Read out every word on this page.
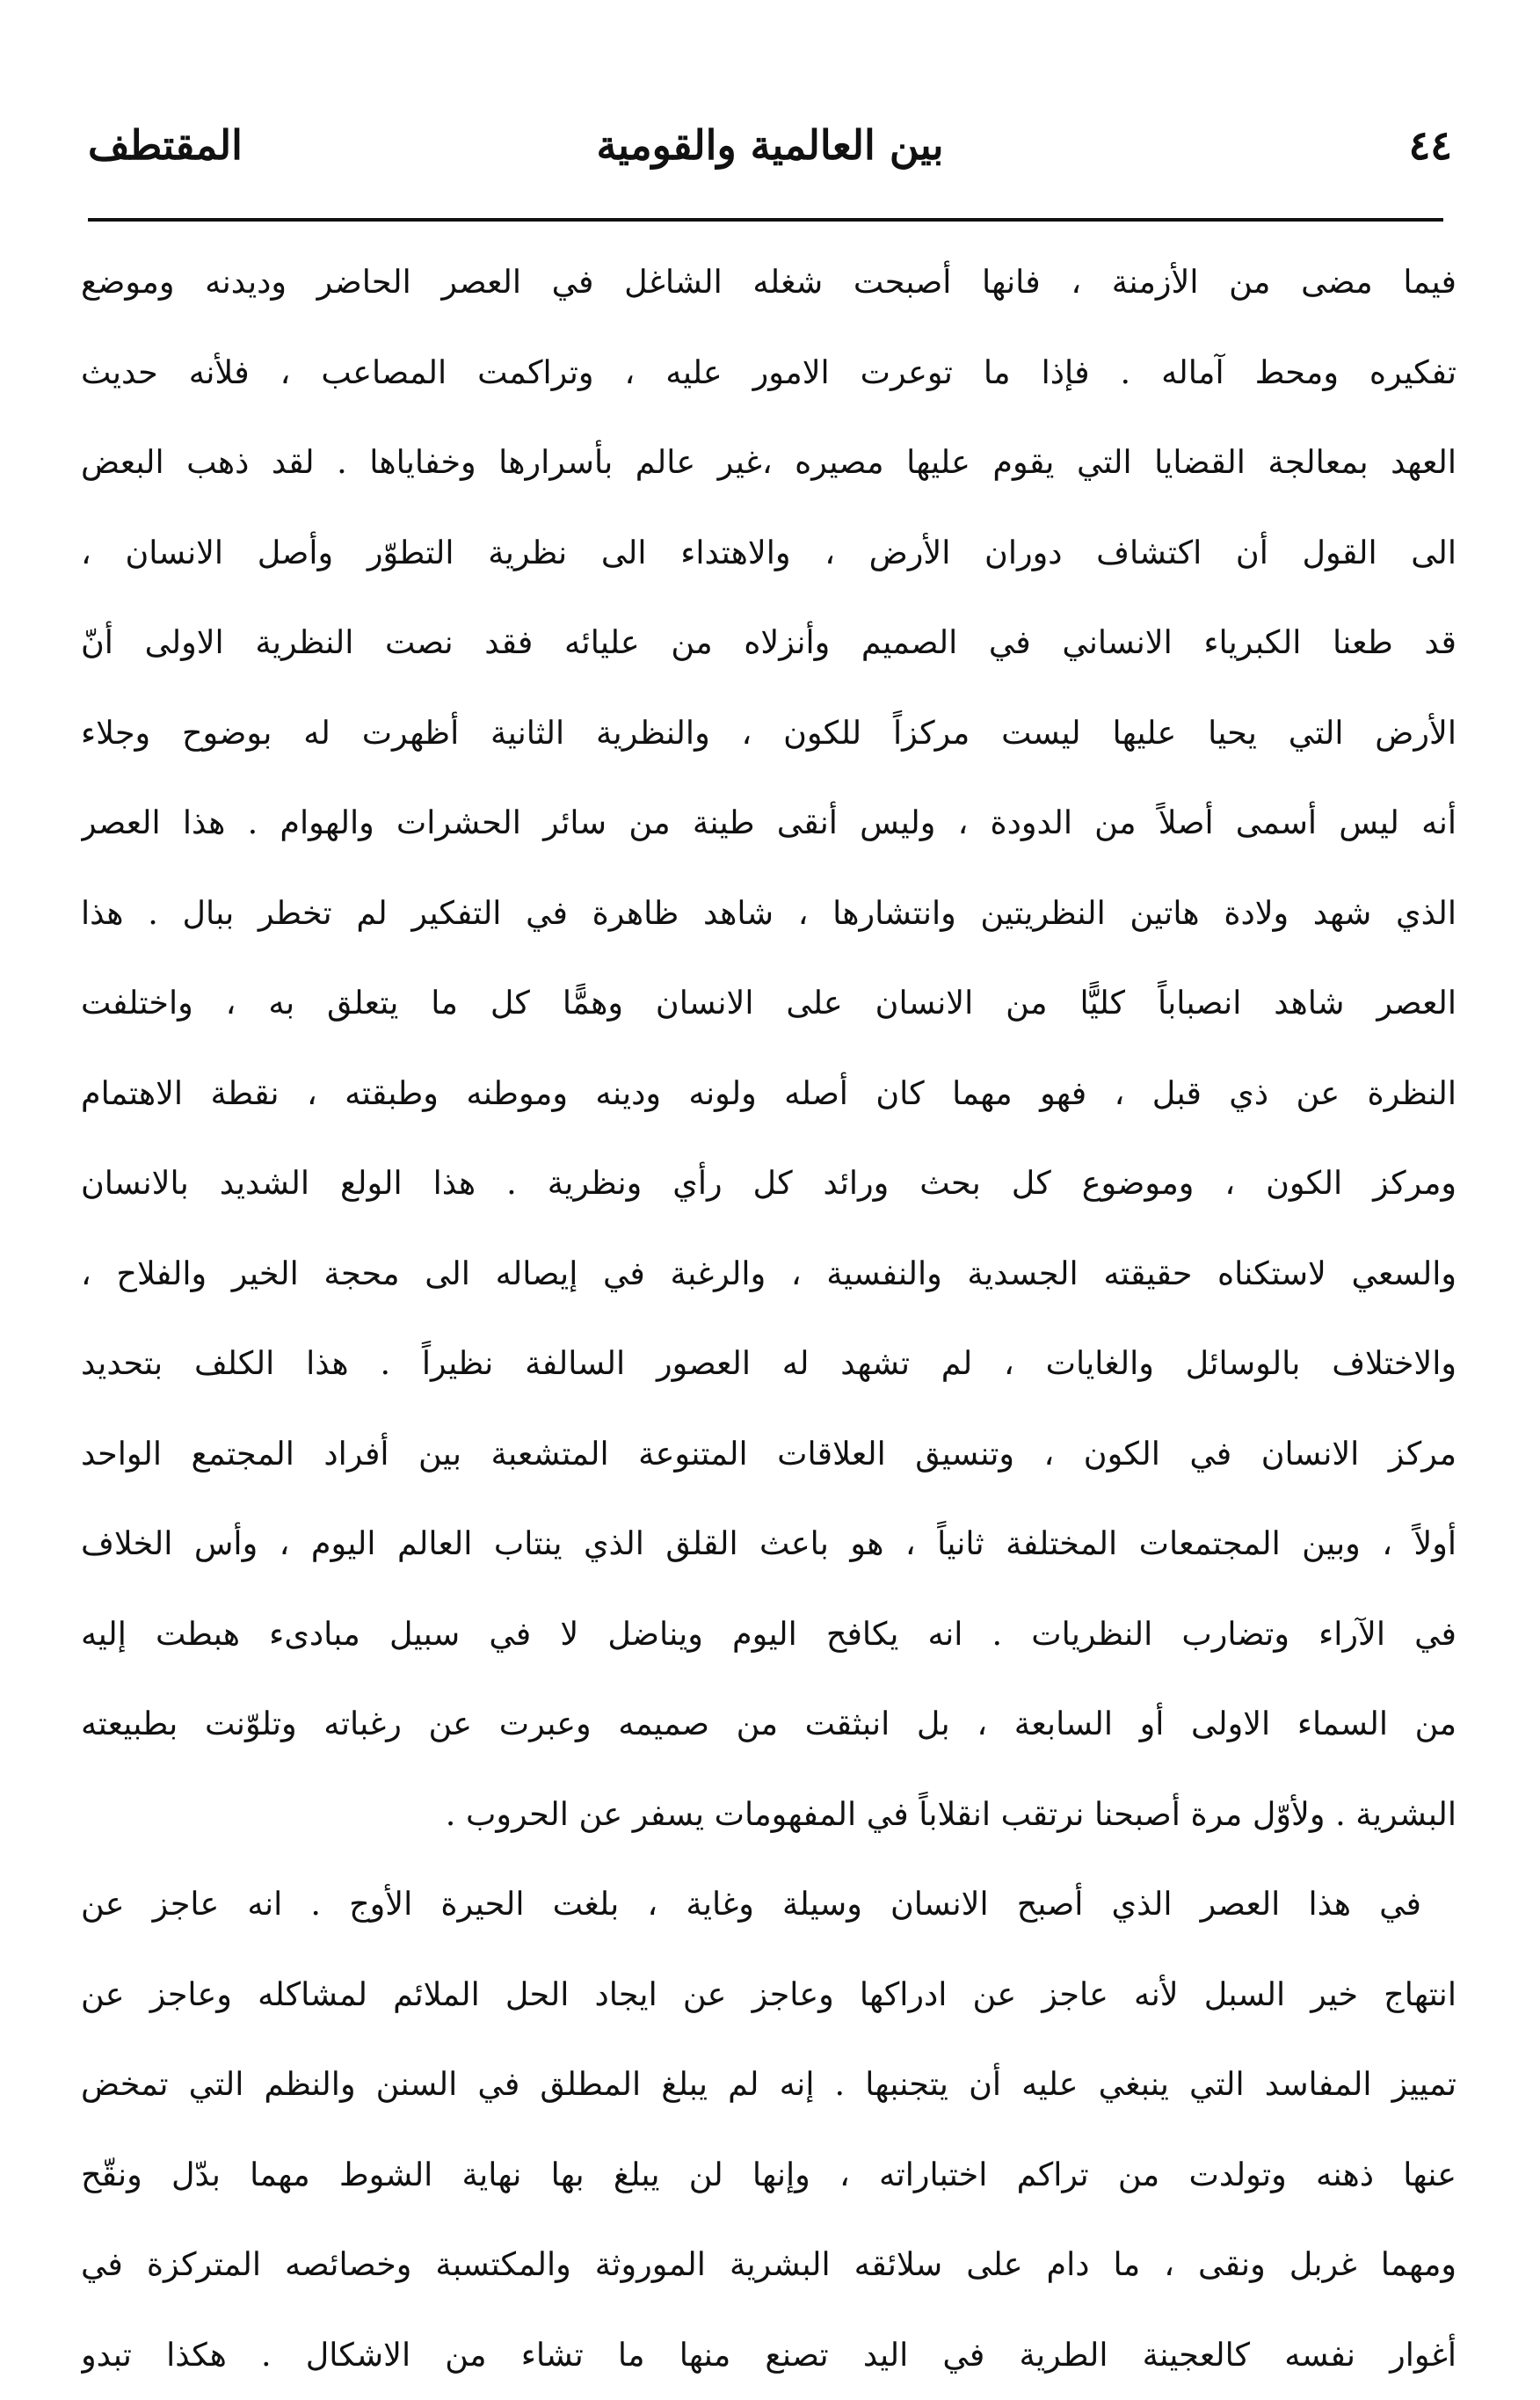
٤٤
بين العالمية والقومية
المقتطف
فيما مضى من الأزمنة ، فانها أصبحت شغله الشاغل في العصر الحاضر وديدنه وموضع
تفكيره ومحط آماله . فإذا ما توعرت الامور عليه ، وتراكمت المصاعب ، فلأنه حديث
العهد بمعالجة القضايا التي يقوم عليها مصيره ،غير عالم بأسرارها وخفاياها . لقد ذهب البعض
الى القول أن اكتشاف دوران الأرض ، والاهتداء الى نظرية التطوّر وأصل الانسان ،
قد طعنا الكبرياء الانساني في الصميم وأنزلاه من عليائه فقد نصت النظرية الاولى أنّ
الأرض التي يحيا عليها ليست مركزاً للكون ، والنظرية الثانية أظهرت له بوضوح وجلاء
أنه ليس أسمى أصلاً من الدودة ، وليس أنقى طينة من سائر الحشرات والهوام . هذا العصر
الذي شهد ولادة هاتين النظريتين وانتشارها ، شاهد ظاهرة في التفكير لم تخطر ببال . هذا
العصر شاهد انصباباً كليًّا من الانسان على الانسان وهمًّا كل ما يتعلق به ، واختلفت
النظرة عن ذي قبل ، فهو مهما كان أصله ولونه ودينه وموطنه وطبقته ، نقطة الاهتمام
ومركز الكون ، وموضوع كل بحث ورائد كل رأي ونظرية . هذا الولع الشديد بالانسان
والسعي لاستكناه حقيقته الجسدية والنفسية ، والرغبة في إيصاله الى محجة الخير والفلاح ،
والاختلاف بالوسائل والغايات ، لم تشهد له العصور السالفة نظيراً . هذا الكلف بتحديد
مركز الانسان في الكون ، وتنسيق العلاقات المتنوعة المتشعبة بين أفراد المجتمع الواحد
أولاً ، وبين المجتمعات المختلفة ثانياً ، هو باعث القلق الذي ينتاب العالم اليوم ، وأس الخلاف
في الآراء وتضارب النظريات . انه يكافح اليوم ويناضل لا في سبيل مبادىء هبطت إليه
من السماء الاولى أو السابعة ، بل انبثقت من صميمه وعبرت عن رغباته وتلوّنت بطبيعته
البشرية . ولأوّل مرة أصبحنا نرتقب انقلاباً في المفهومات يسفر عن الحروب .
في هذا العصر الذي أصبح الانسان وسيلة وغاية ، بلغت الحيرة الأوج . انه عاجز عن
انتهاج خير السبل لأنه عاجز عن ادراكها وعاجز عن ايجاد الحل الملائم لمشاكله وعاجز عن
تمييز المفاسد التي ينبغي عليه أن يتجنبها . إنه لم يبلغ المطلق في السنن والنظم التي تمخض
عنها ذهنه وتولدت من تراكم اختباراته ، وإنها لن يبلغ بها نهاية الشوط مهما بدّل ونقّح
ومهما غربل ونقى ، ما دام على سلائقه البشرية الموروثة والمكتسبة وخصائصه المتركزة في
أغوار نفسه كالعجينة الطرية في اليد تصنع منها ما تشاء من الاشكال . هكذا تبدو
